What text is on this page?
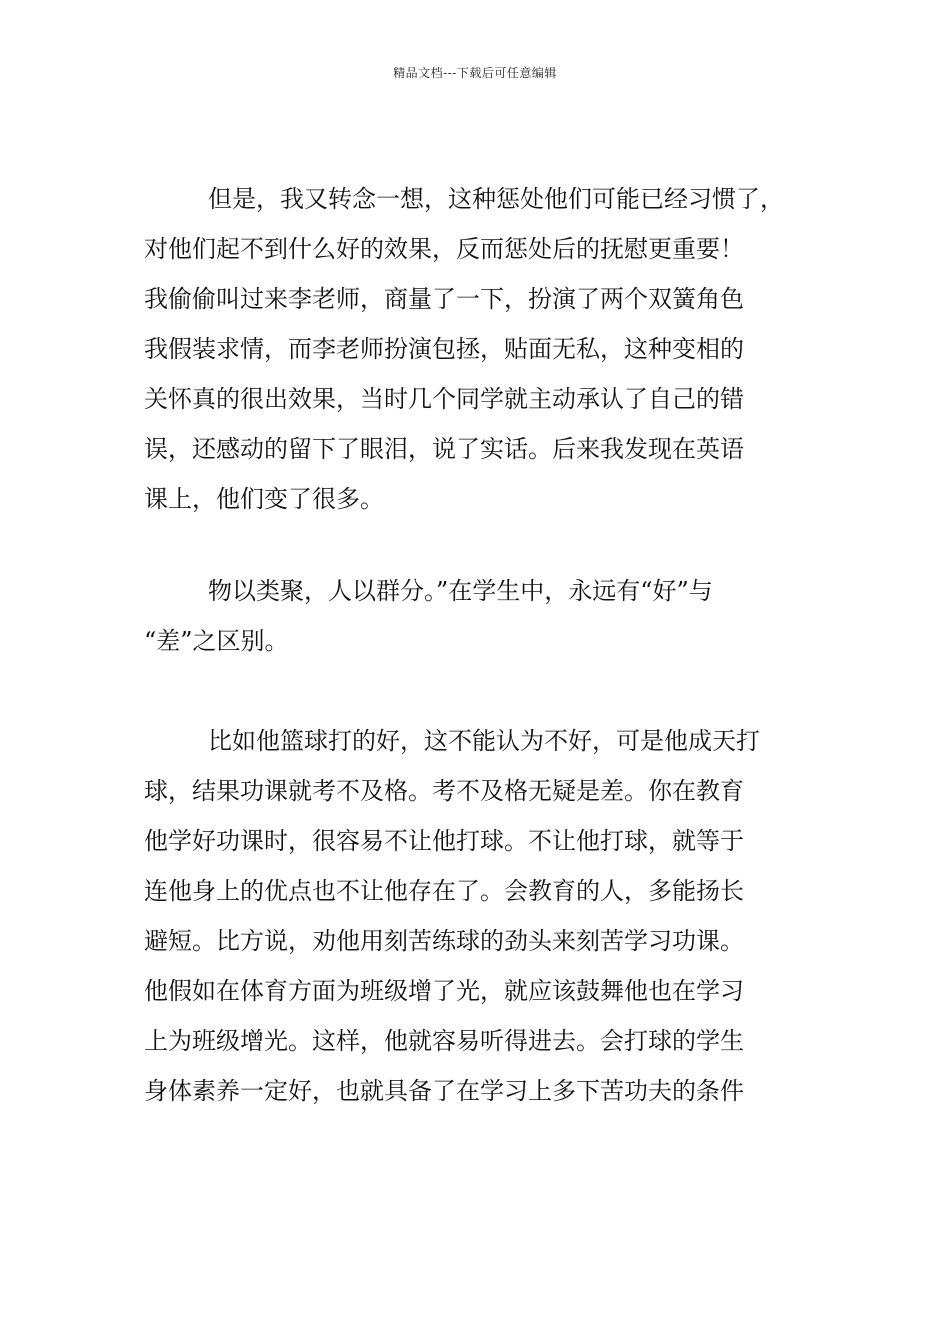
精品文档---下载后可任意编辑

但是，我又转念一想，这种惩处他们可能已经习惯了，
对他们起不到什么好的效果，反而惩处后的抚慰更重要！
我偷偷叫过来李老师，商量了一下，扮演了两个双簧角色
我假装求情，而李老师扮演包拯，贴面无私，这种变相的
关怀真的很出效果，当时几个同学就主动承认了自己的错
误，还感动的留下了眼泪，说了实话。后来我发现在英语
课上，他们变了很多。

物以类聚，人以群分。”在学生中，永远有“好”与
“差”之区别。

比如他篮球打的好，这不能认为不好，可是他成天打
球，结果功课就考不及格。考不及格无疑是差。你在教育
他学好功课时，很容易不让他打球。不让他打球，就等于
连他身上的优点也不让他存在了。会教育的人，多能扬长
避短。比方说，劝他用刻苦练球的劲头来刻苦学习功课。
他假如在体育方面为班级增了光，就应该鼓舞他也在学习
上为班级增光。这样，他就容易听得进去。会打球的学生
身体素养一定好，也就具备了在学习上多下苦功夫的条件
